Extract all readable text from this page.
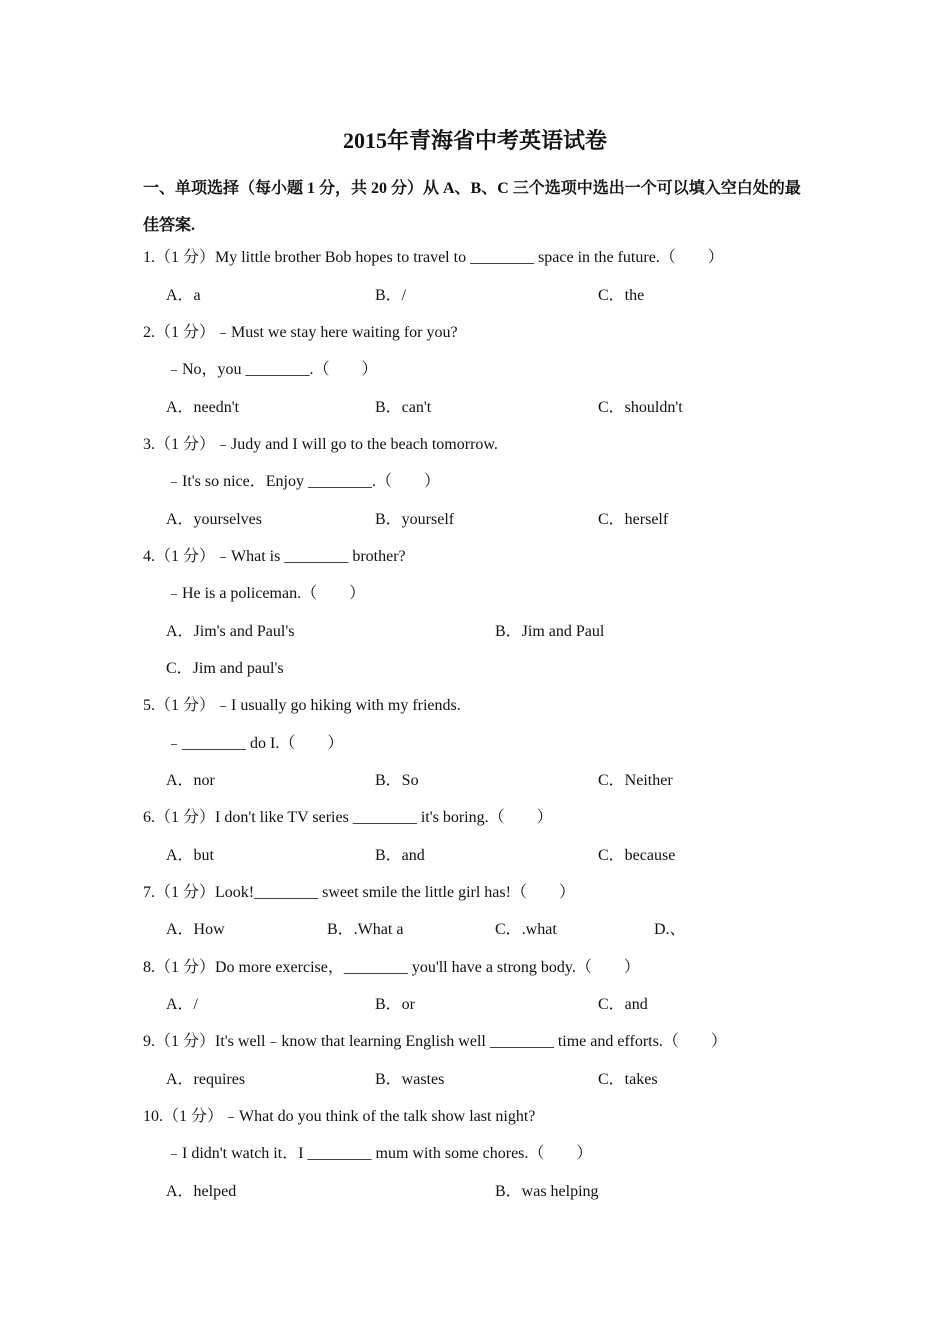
2015年青海省中考英语试卷
一、单项选择（每小题 1 分，共 20 分）从 A、B、C 三个选项中选出一个可以填入空白处的最佳答案.
1.（1 分）My little brother Bob hopes to travel to ________ space in the future.（　　）
A．a	B．/	C．the
2.（1 分）﹣Must we stay here waiting for you?
﹣No，you ________.（　　）
A．needn't	B．can't	C．shouldn't
3.（1 分）﹣Judy and I will go to the beach tomorrow.
﹣It's so nice．Enjoy ________.（　　）
A．yourselves	B．yourself	C．herself
4.（1 分）﹣What is ________ brother?
﹣He is a policeman.（　　）
A．Jim's and Paul's	B．Jim and Paul
C．Jim and paul's
5.（1 分）﹣I usually go hiking with my friends.
﹣________ do I.（　　）
A．nor	B．So	C．Neither
6.（1 分）I don't like TV series ________ it's boring.（　　）
A．but	B．and	C．because
7.（1 分）Look!________ sweet smile the little girl has!（　　）
A．How	B．.What a	C．.what	D.、
8.（1 分）Do more exercise，________ you'll have a strong body.（　　）
A．/	B．or	C．and
9.（1 分）It's well﹣know that learning English well ________ time and efforts.（　　）
A．requires	B．wastes	C．takes
10.（1 分）﹣What do you think of the talk show last night?
﹣I didn't watch it．I ________ mum with some chores.（　　）
A．helped	B．was helping
